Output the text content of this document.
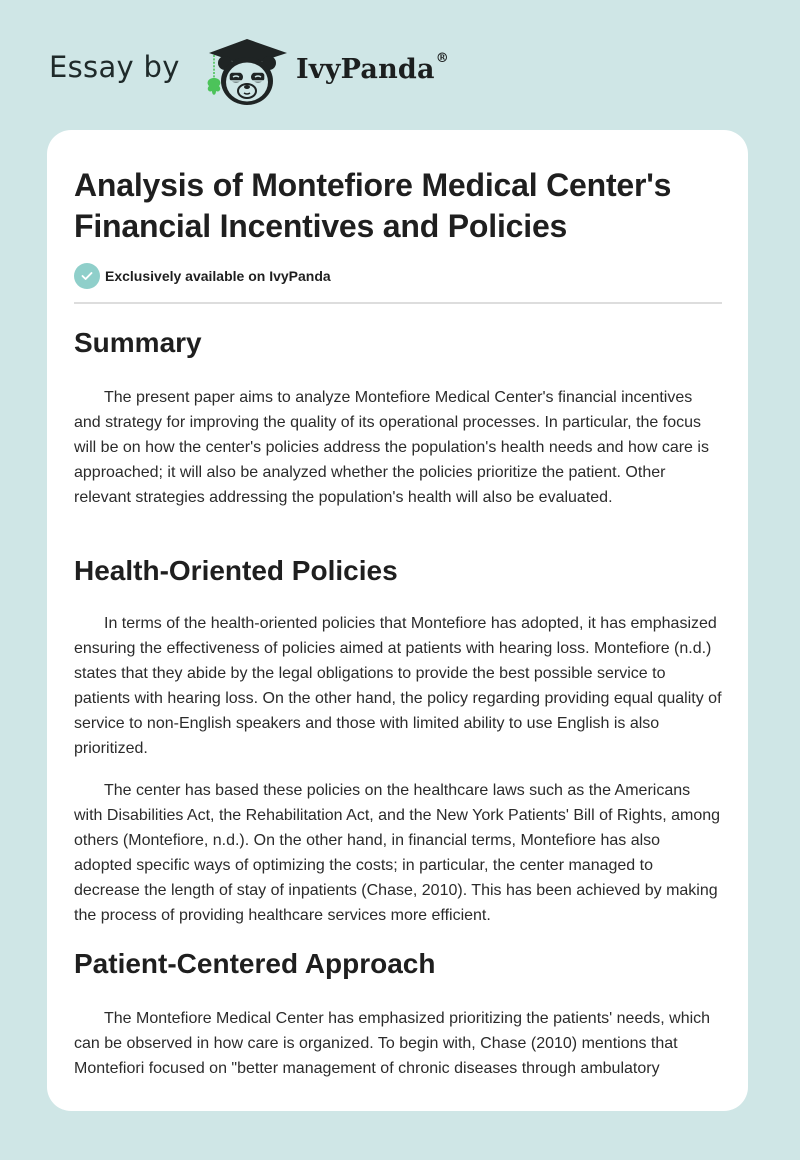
Essay by	IvyPanda®
Analysis of Montefiore Medical Center's Financial Incentives and Policies
Exclusively available on IvyPanda
Summary

The present paper aims to analyze Montefiore Medical Center's financial incentives and strategy for improving the quality of its operational processes. In particular, the focus will be on how the center's policies address the population's health needs and how care is approached; it will also be analyzed whether the policies prioritize the patient. Other relevant strategies addressing the population's health will also be evaluated.

Health-Oriented Policies

In terms of the health-oriented policies that Montefiore has adopted, it has emphasized ensuring the effectiveness of policies aimed at patients with hearing loss. Montefiore (n.d.) states that they abide by the legal obligations to provide the best possible service to patients with hearing loss. On the other hand, the policy regarding providing equal quality of service to non-English speakers and those with limited ability to use English is also prioritized.

The center has based these policies on the healthcare laws such as the Americans with Disabilities Act, the Rehabilitation Act, and the New York Patients' Bill of Rights, among others (Montefiore, n.d.). On the other hand, in financial terms, Montefiore has also adopted specific ways of optimizing the costs; in particular, the center managed to decrease the length of stay of inpatients (Chase, 2010). This has been achieved by making the process of providing healthcare services more efficient.

Patient-Centered Approach

The Montefiore Medical Center has emphasized prioritizing the patients' needs, which can be observed in how care is organized. To begin with, Chase (2010) mentions that Montefiori focused on "better management of chronic diseases through ambulatory
